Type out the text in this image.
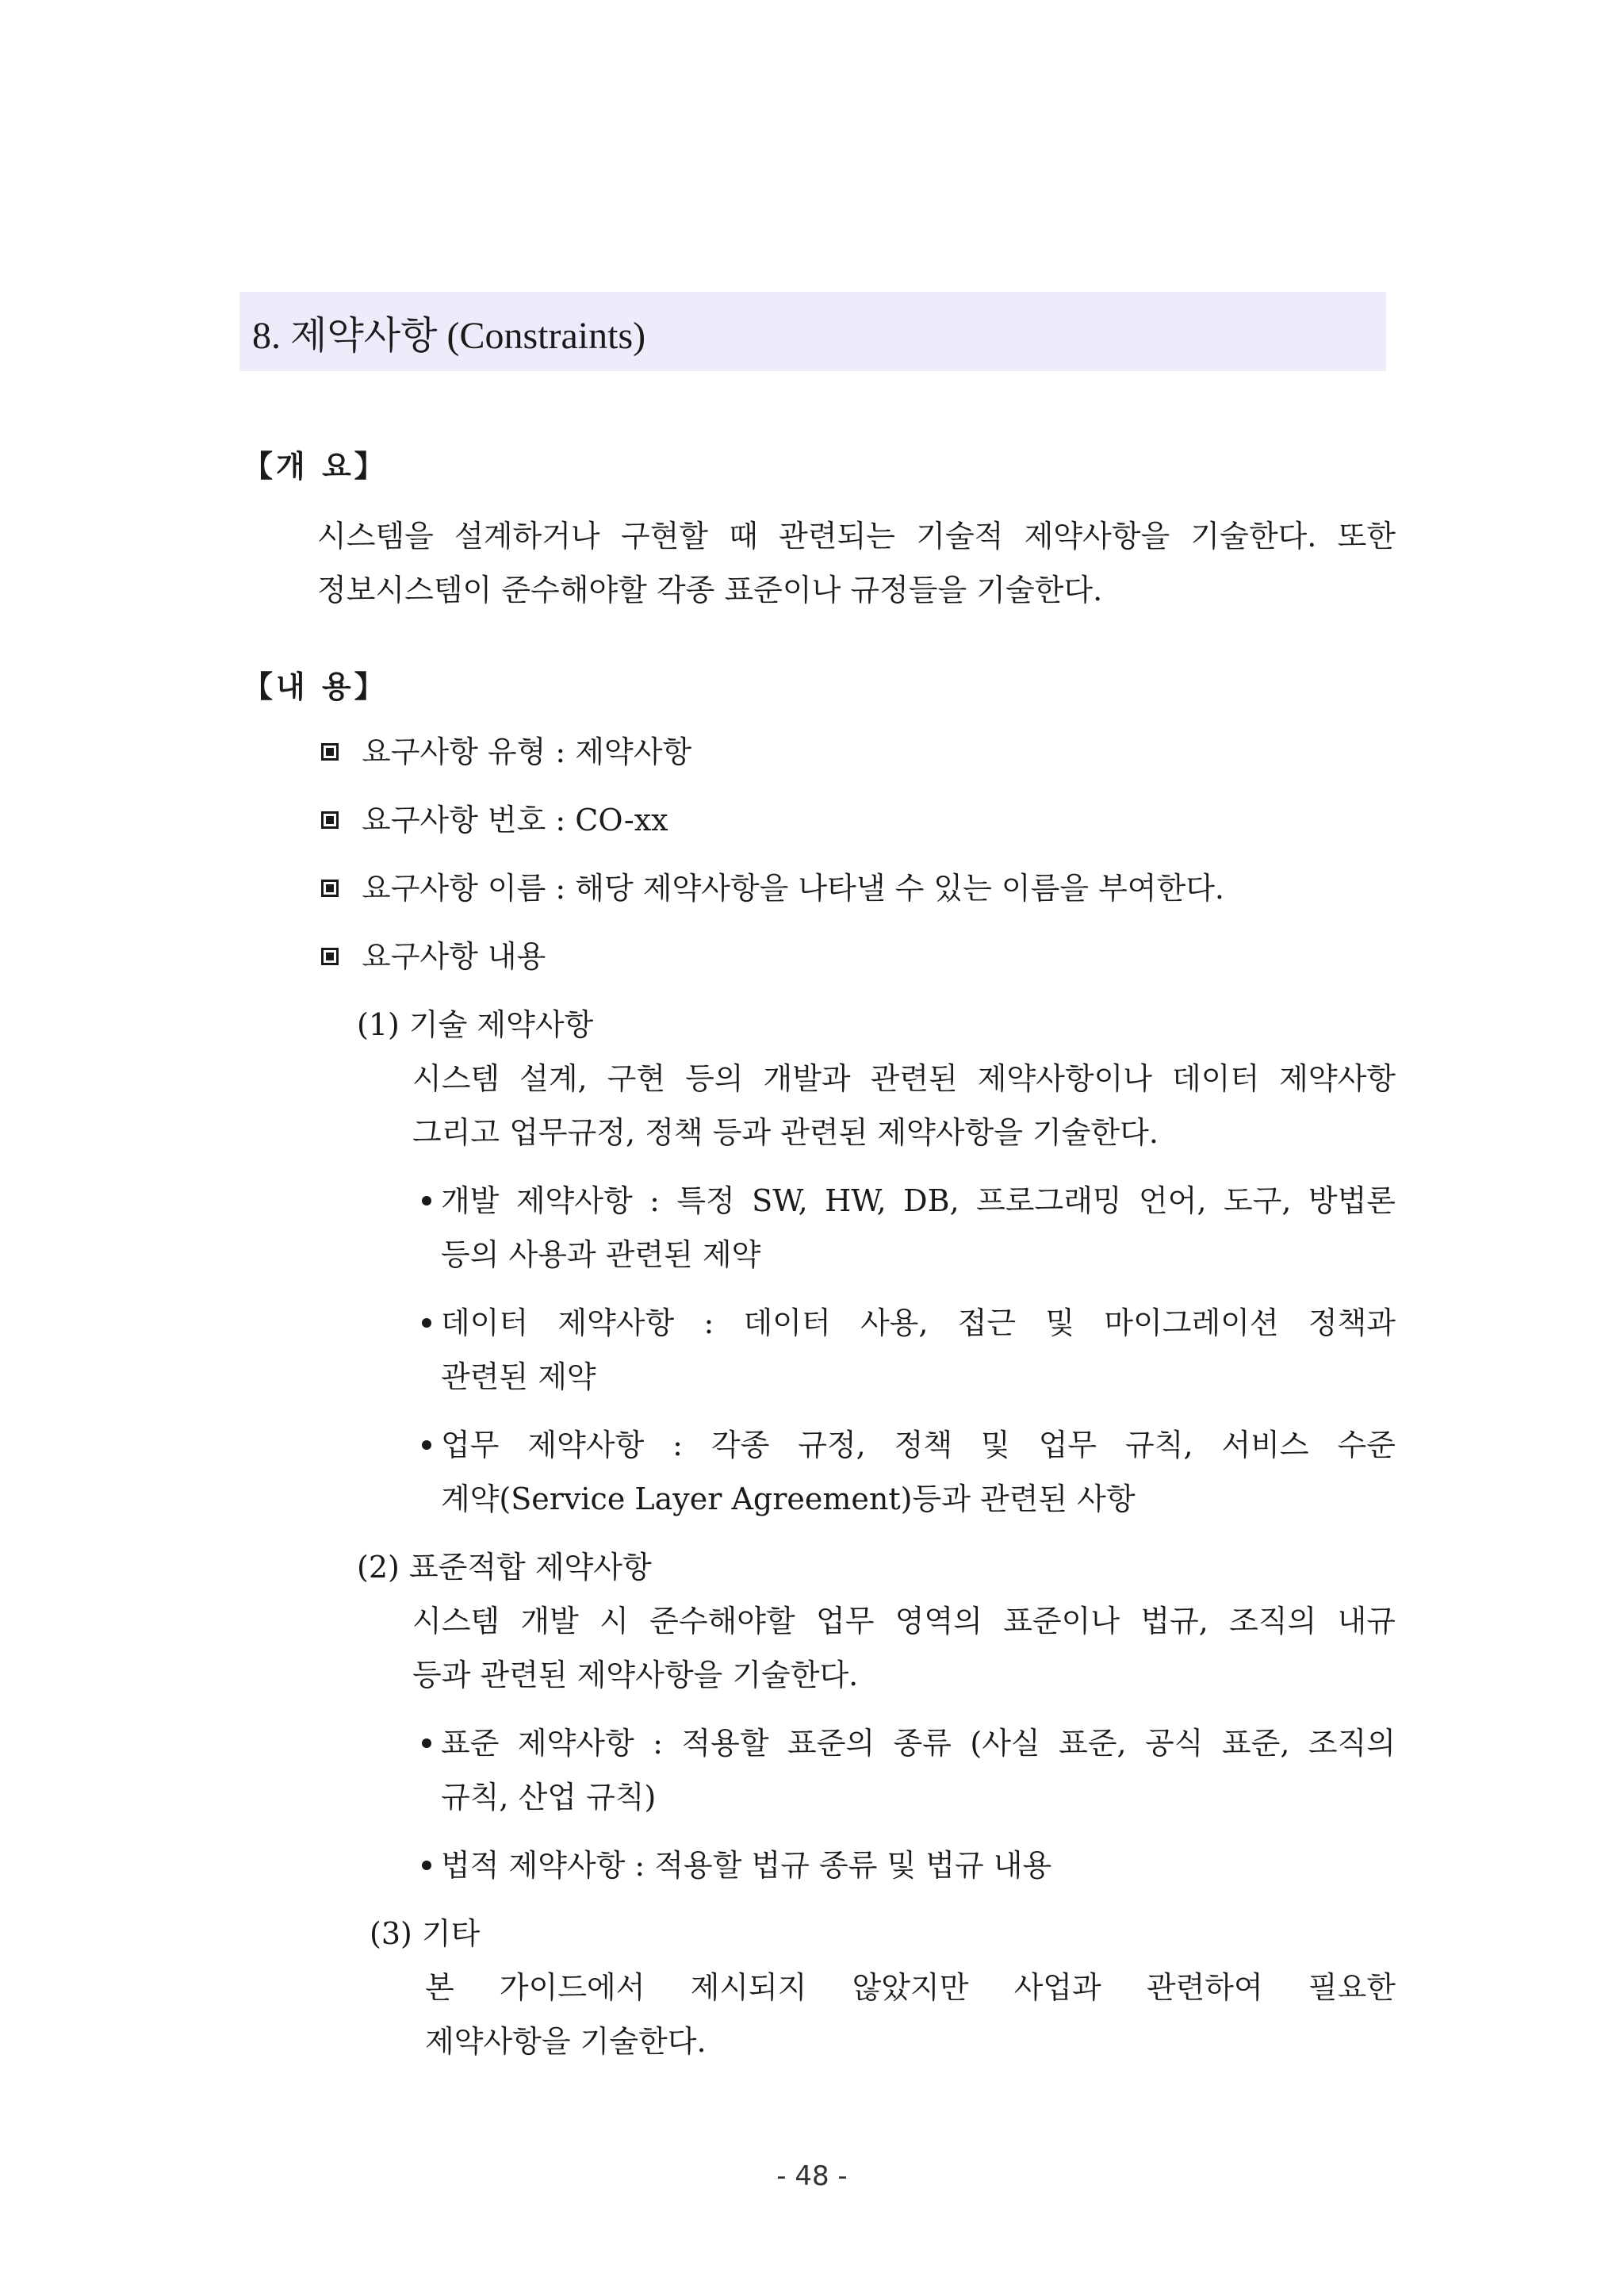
8. 제약사항 (Constraints)
【개 요】
시스템을 설계하거나 구현할 때 관련되는 기술적 제약사항을 기술한다. 또한
정보시스템이 준수해야할 각종 표준이나 규정들을 기술한다.
【내 용】
요구사항 유형 : 제약사항
요구사항 번호 : CO-xx
요구사항 이름 : 해당 제약사항을 나타낼 수 있는 이름을 부여한다.
요구사항 내용
(1) 기술 제약사항
시스템 설계, 구현 등의 개발과 관련된 제약사항이나 데이터 제약사항
그리고 업무규정, 정책 등과 관련된 제약사항을 기술한다.
개발 제약사항 : 특정 SW, HW, DB, 프로그래밍 언어, 도구, 방법론
등의 사용과 관련된 제약
데이터 제약사항 : 데이터 사용, 접근 및 마이그레이션 정책과
관련된 제약
업무 제약사항 : 각종 규정, 정책 및 업무 규칙, 서비스 수준
계약(Service Layer Agreement)등과 관련된 사항
(2) 표준적합 제약사항
시스템 개발 시 준수해야할 업무 영역의 표준이나 법규, 조직의 내규
등과 관련된 제약사항을 기술한다.
표준 제약사항 : 적용할 표준의 종류 (사실 표준, 공식 표준, 조직의
규칙, 산업 규칙)
법적 제약사항 : 적용할 법규 종류 및 법규 내용
(3) 기타
본 가이드에서 제시되지 않았지만 사업과 관련하여 필요한
제약사항을 기술한다.
- 48 -
